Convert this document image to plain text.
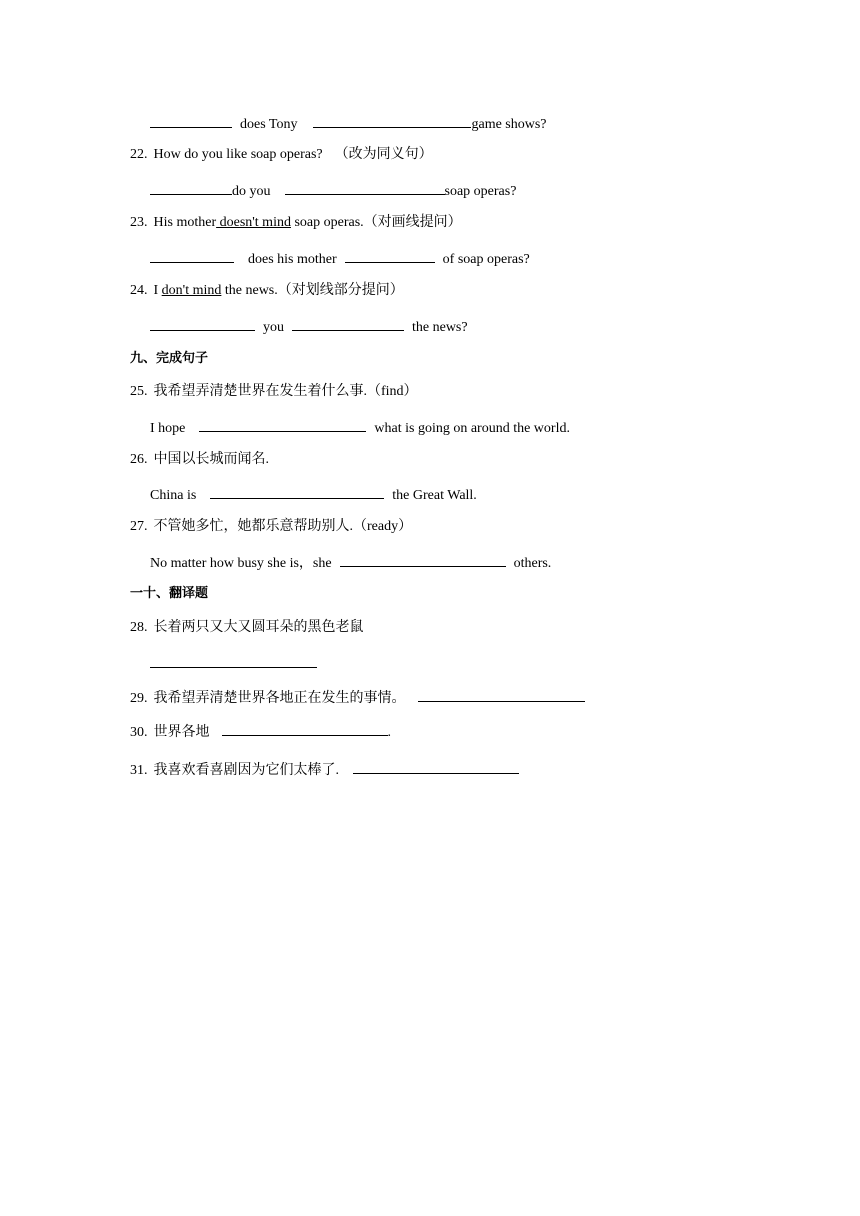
does Tony	game shows?
22. How do you like soap operas? （改为同义句）
do you	soap operas?
23. His mother doesn't mind soap operas.（对画线提问）
does his mother	of soap operas?
24. I don't mind the news.（对划线部分提问）
you	the news?
九、完成句子
25. 我希望弄清楚世界在发生着什么事.（find）
I hope	what is going on around the world.
26. 中国以长城而闻名.
China is	the Great Wall.
27. 不管她多忙，她都乐意帮助别人.（ready）
No matter how busy she is，she	others.
一十、翻译题
28. 长着两只又大又圆耳朵的黑色老鼠
29. 我希望弄清楚世界各地正在发生的事情。
30. 世界各地	.
31. 我喜欢看喜剧因为它们太棒了.
